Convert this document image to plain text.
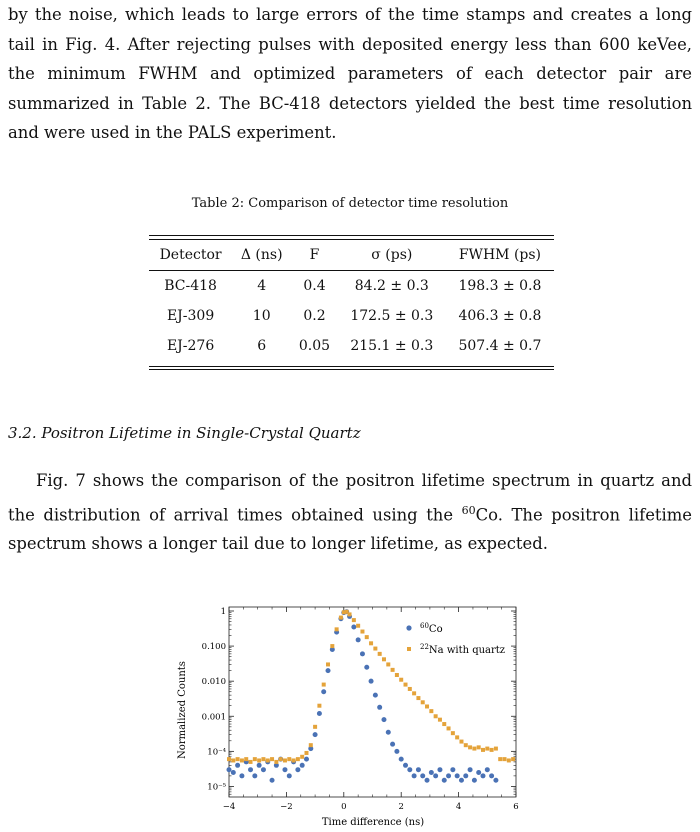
by the noise, which leads to large errors of the time stamps and creates a long tail in Fig. 4. After rejecting pulses with deposited energy less than 600 keVee, the minimum FWHM and optimized parameters of each detector pair are summarized in Table 2. The BC-418 detectors yielded the best time resolution and were used in the PALS experiment.

Table 2: Comparison of detector time resolution
Detector	Δ (ns)	F	σ (ps)	FWHM (ps)
BC-418	4	0.4	84.2 ± 0.3	198.3 ± 0.8
EJ-309	10	0.2	172.5 ± 0.3	406.3 ± 0.8
EJ-276	6	0.05	215.1 ± 0.3	507.4 ± 0.7
3.2. Positron Lifetime in Single-Crystal Quartz

Fig. 7 shows the comparison of the positron lifetime spectrum in quartz and the distribution of arrival times obtained using the $^{60}$Co. The positron lifetime spectrum shows a longer tail due to longer lifetime, as expected.

1
0.100
0.010
0.001
10⁻⁴
10⁻⁵
−4	−2	0	2	4	6
Normalized Counts
Time difference (ns)
$^{60}$Co
$^{22}$Na with quartz
